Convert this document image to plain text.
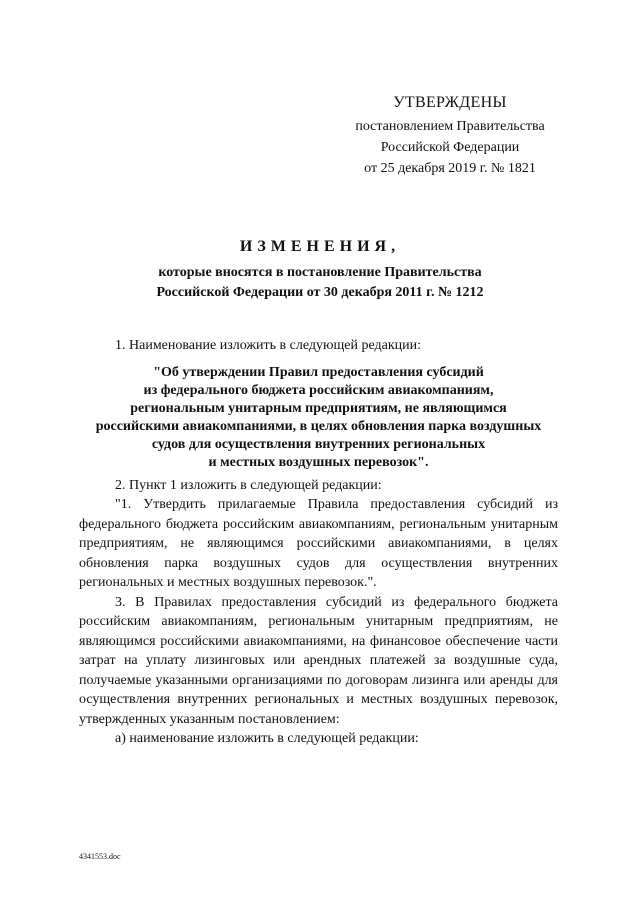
УТВЕРЖДЕНЫ
постановлением Правительства
Российской Федерации
от 25 декабря 2019 г. № 1821
ИЗМЕНЕНИЯ,
которые вносятся в постановление Правительства
Российской Федерации от 30 декабря 2011 г. № 1212

1. Наименование изложить в следующей редакции:

"Об утверждении Правил предоставления субсидий
из федерального бюджета российским авиакомпаниям,
региональным унитарным предприятиям, не являющимся
российскими авиакомпаниями, в целях обновления парка воздушных
судов для осуществления внутренних региональных
и местных воздушных перевозок".

2. Пункт 1 изложить в следующей редакции:

"1. Утвердить прилагаемые Правила предоставления субсидий из федерального бюджета российским авиакомпаниям, региональным унитарным предприятиям, не являющимся российскими авиакомпаниями, в целях обновления парка воздушных судов для осуществления внутренних региональных и местных воздушных перевозок.".

3. В Правилах предоставления субсидий из федерального бюджета российским авиакомпаниям, региональным унитарным предприятиям, не являющимся российскими авиакомпаниями, на финансовое обеспечение части затрат на уплату лизинговых или арендных платежей за воздушные суда, получаемые указанными организациями по договорам лизинга или аренды для осуществления внутренних региональных и местных воздушных перевозок, утвержденных указанным постановлением:

а) наименование изложить в следующей редакции:

4341553.doc
